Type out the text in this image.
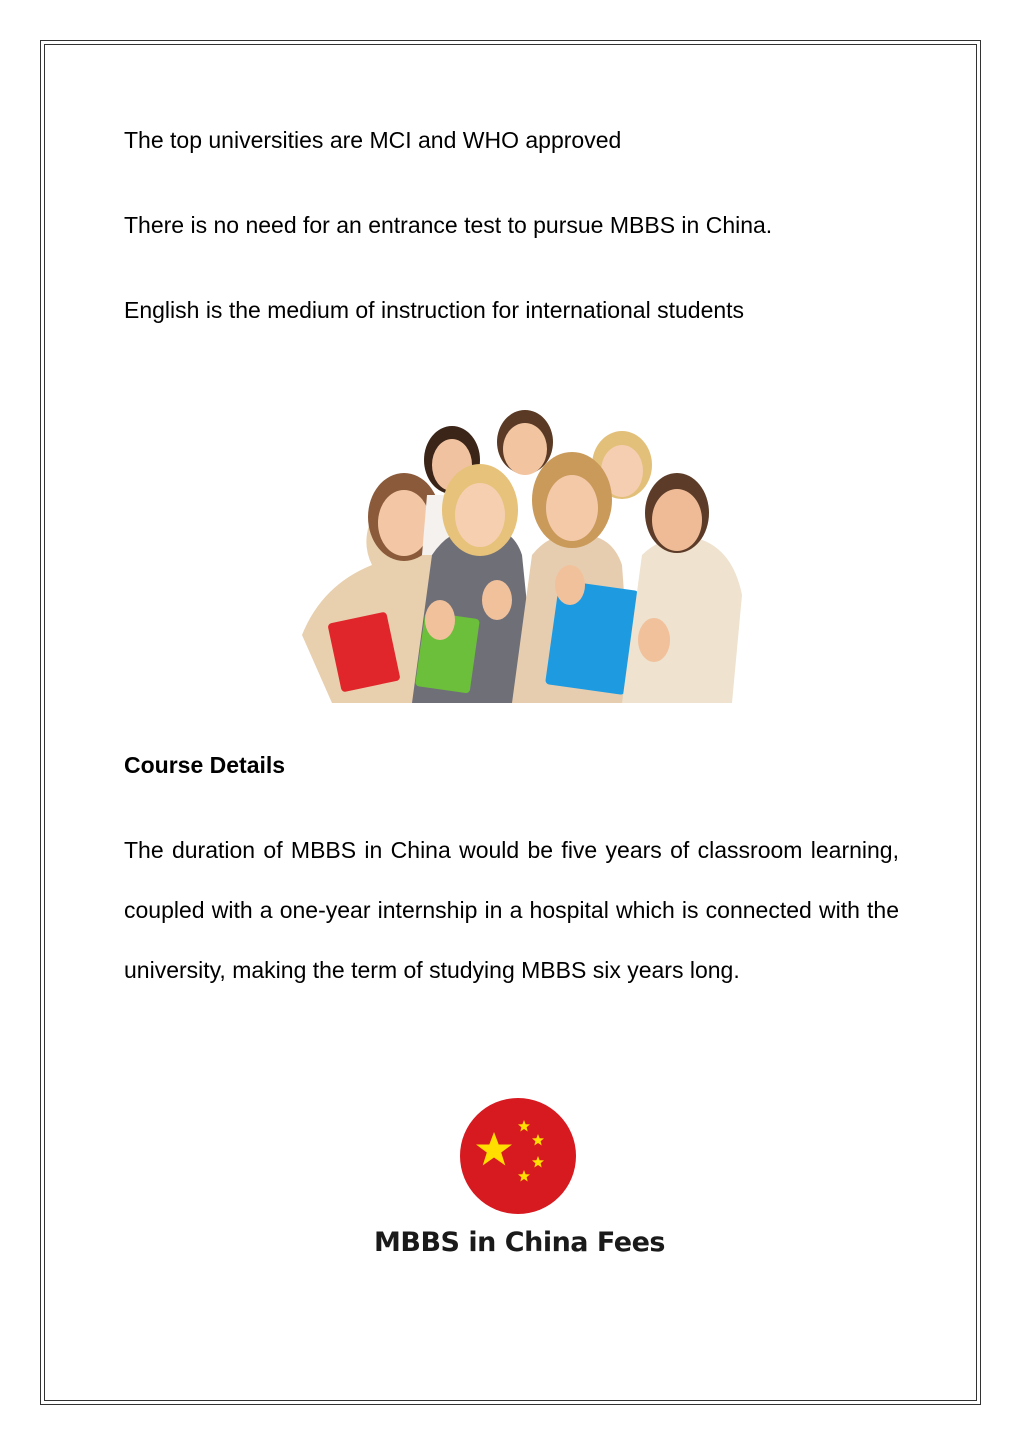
The top universities are MCI and WHO approved
There is no need for an entrance test to pursue MBBS in China.
English is the medium of instruction for international students
Course Details
The duration of MBBS in China would be five years of classroom learning, coupled with a one-year internship in a hospital which is connected with the university, making the term of studying MBBS six years long.
MBBS in China Fees
